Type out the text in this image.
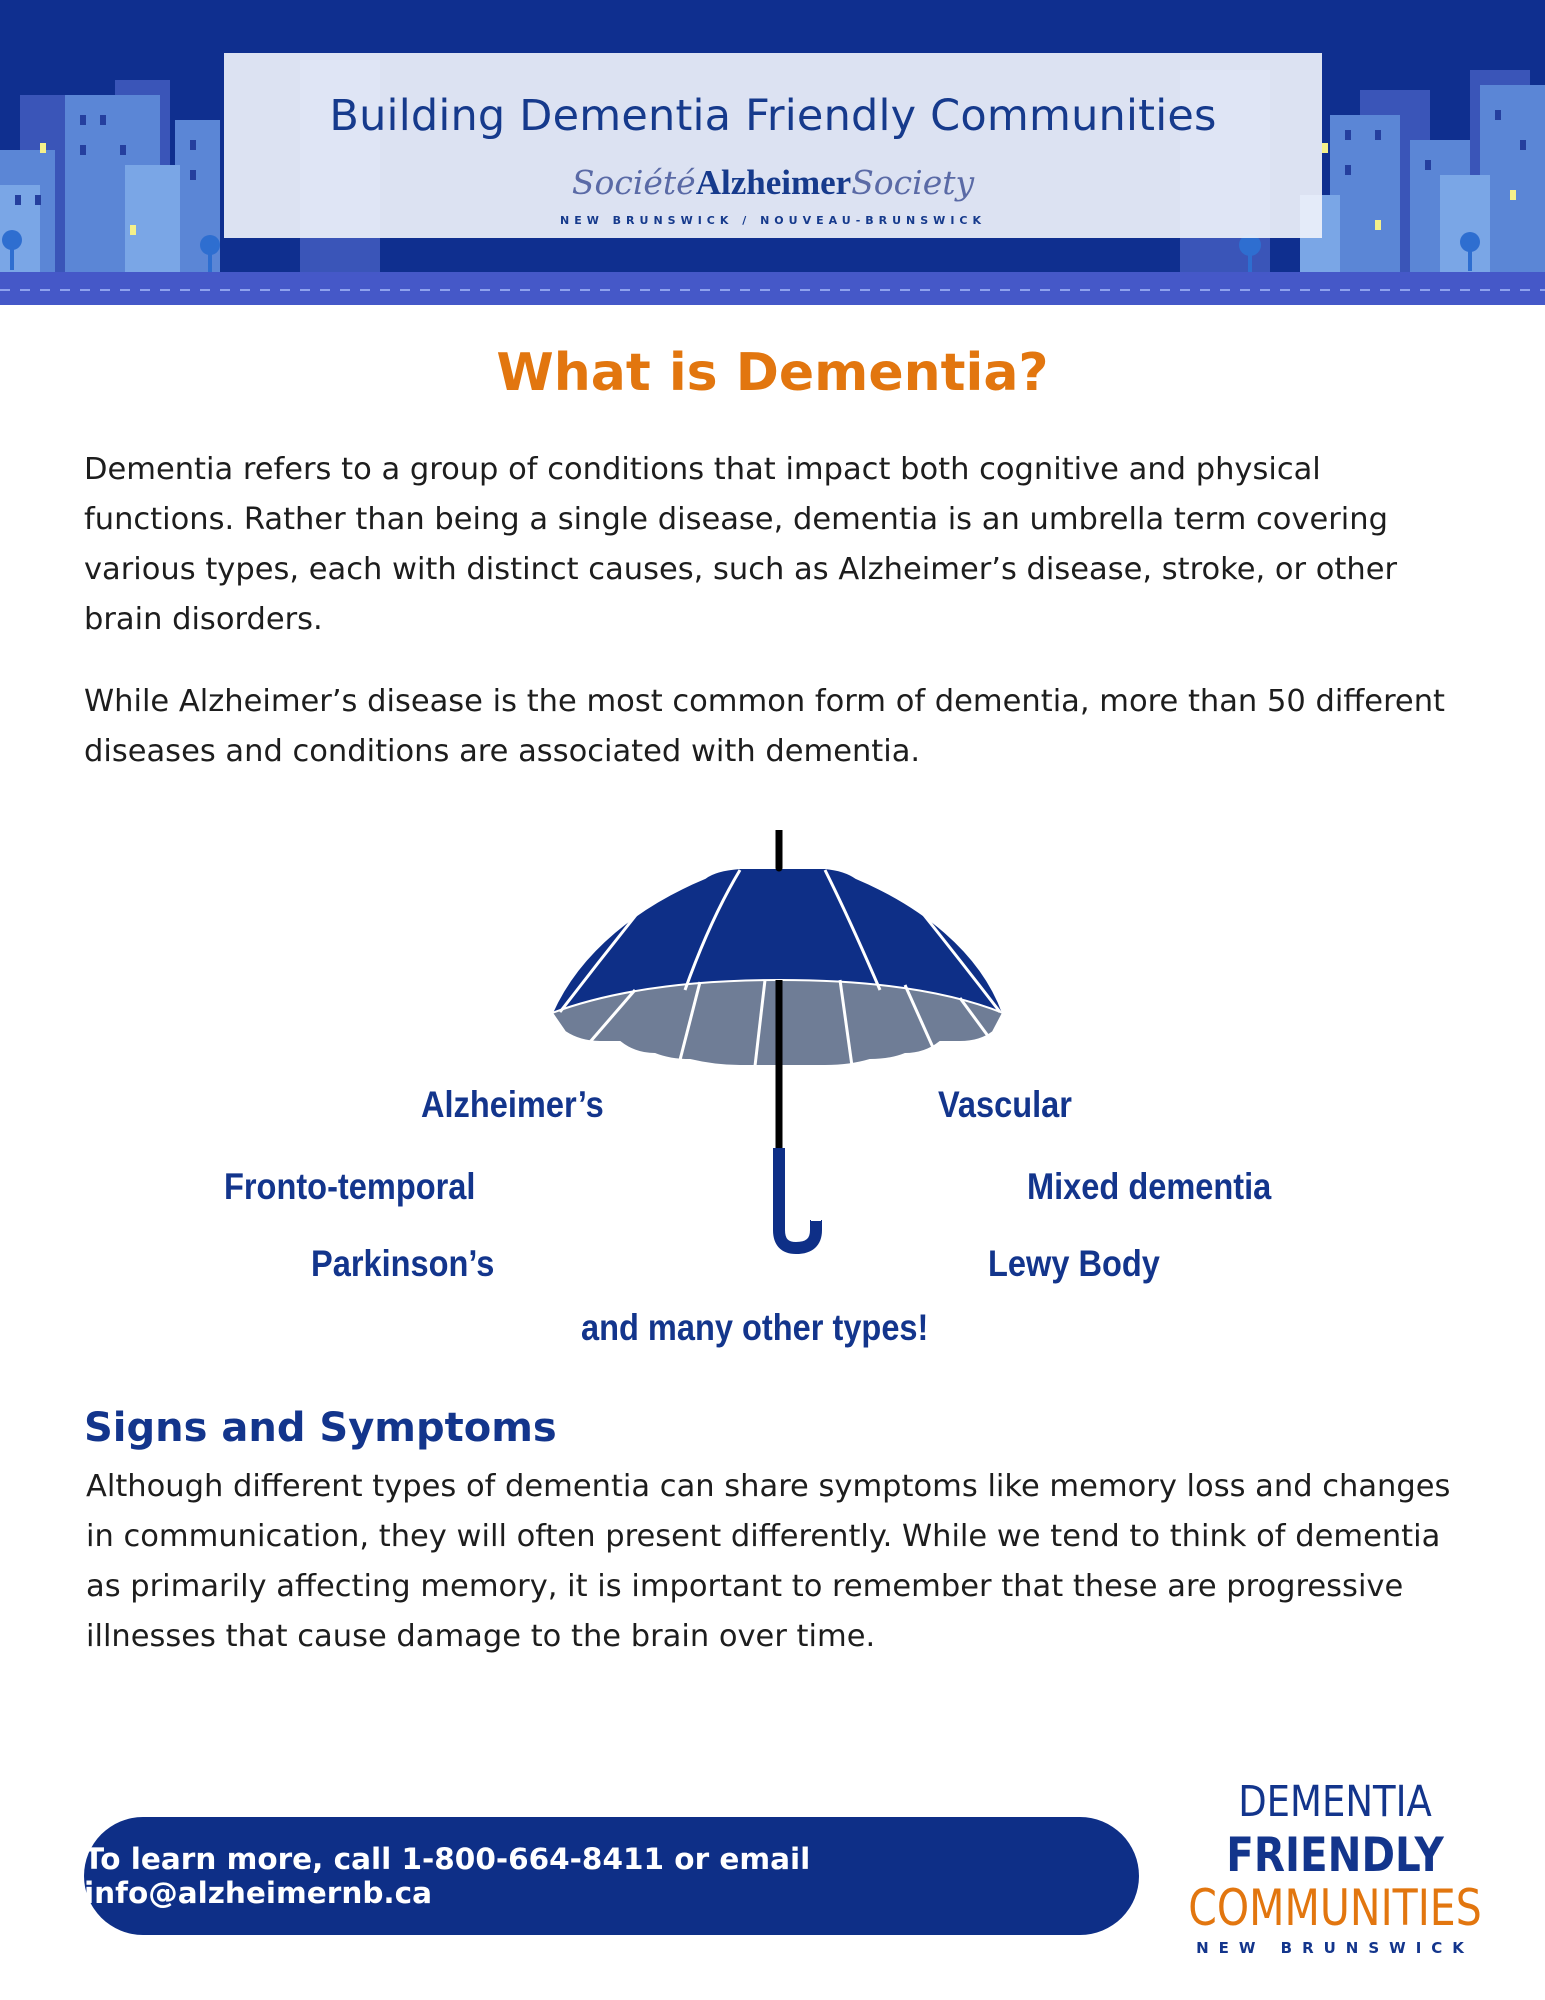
Building Dementia Friendly Communities
SociétéAlzheimerSociety
NEW BRUNSWICK / NOUVEAU-BRUNSWICK
What is Dementia?
Dementia refers to a group of conditions that impact both cognitive and physical functions. Rather than being a single disease, dementia is an umbrella term covering various types, each with distinct causes, such as Alzheimer’s disease, stroke, or other brain disorders.
While Alzheimer’s disease is the most common form of dementia, more than 50 different diseases and conditions are associated with dementia.
Alzheimer’s	Vascular
Fronto-temporal	Mixed dementia
Parkinson’s	Lewy Body
and many other types!
Signs and Symptoms
Although different types of dementia can share symptoms like memory loss and changes in communication, they will often present differently. While we tend to think of dementia as primarily affecting memory, it is important to remember that these are progressive illnesses that cause damage to the brain over time.
To learn more, call 1-800-664-8411 or email info@alzheimernb.ca
DEMENTIA
FRIENDLY
COMMUNITIES
NEW BRUNSWICK
